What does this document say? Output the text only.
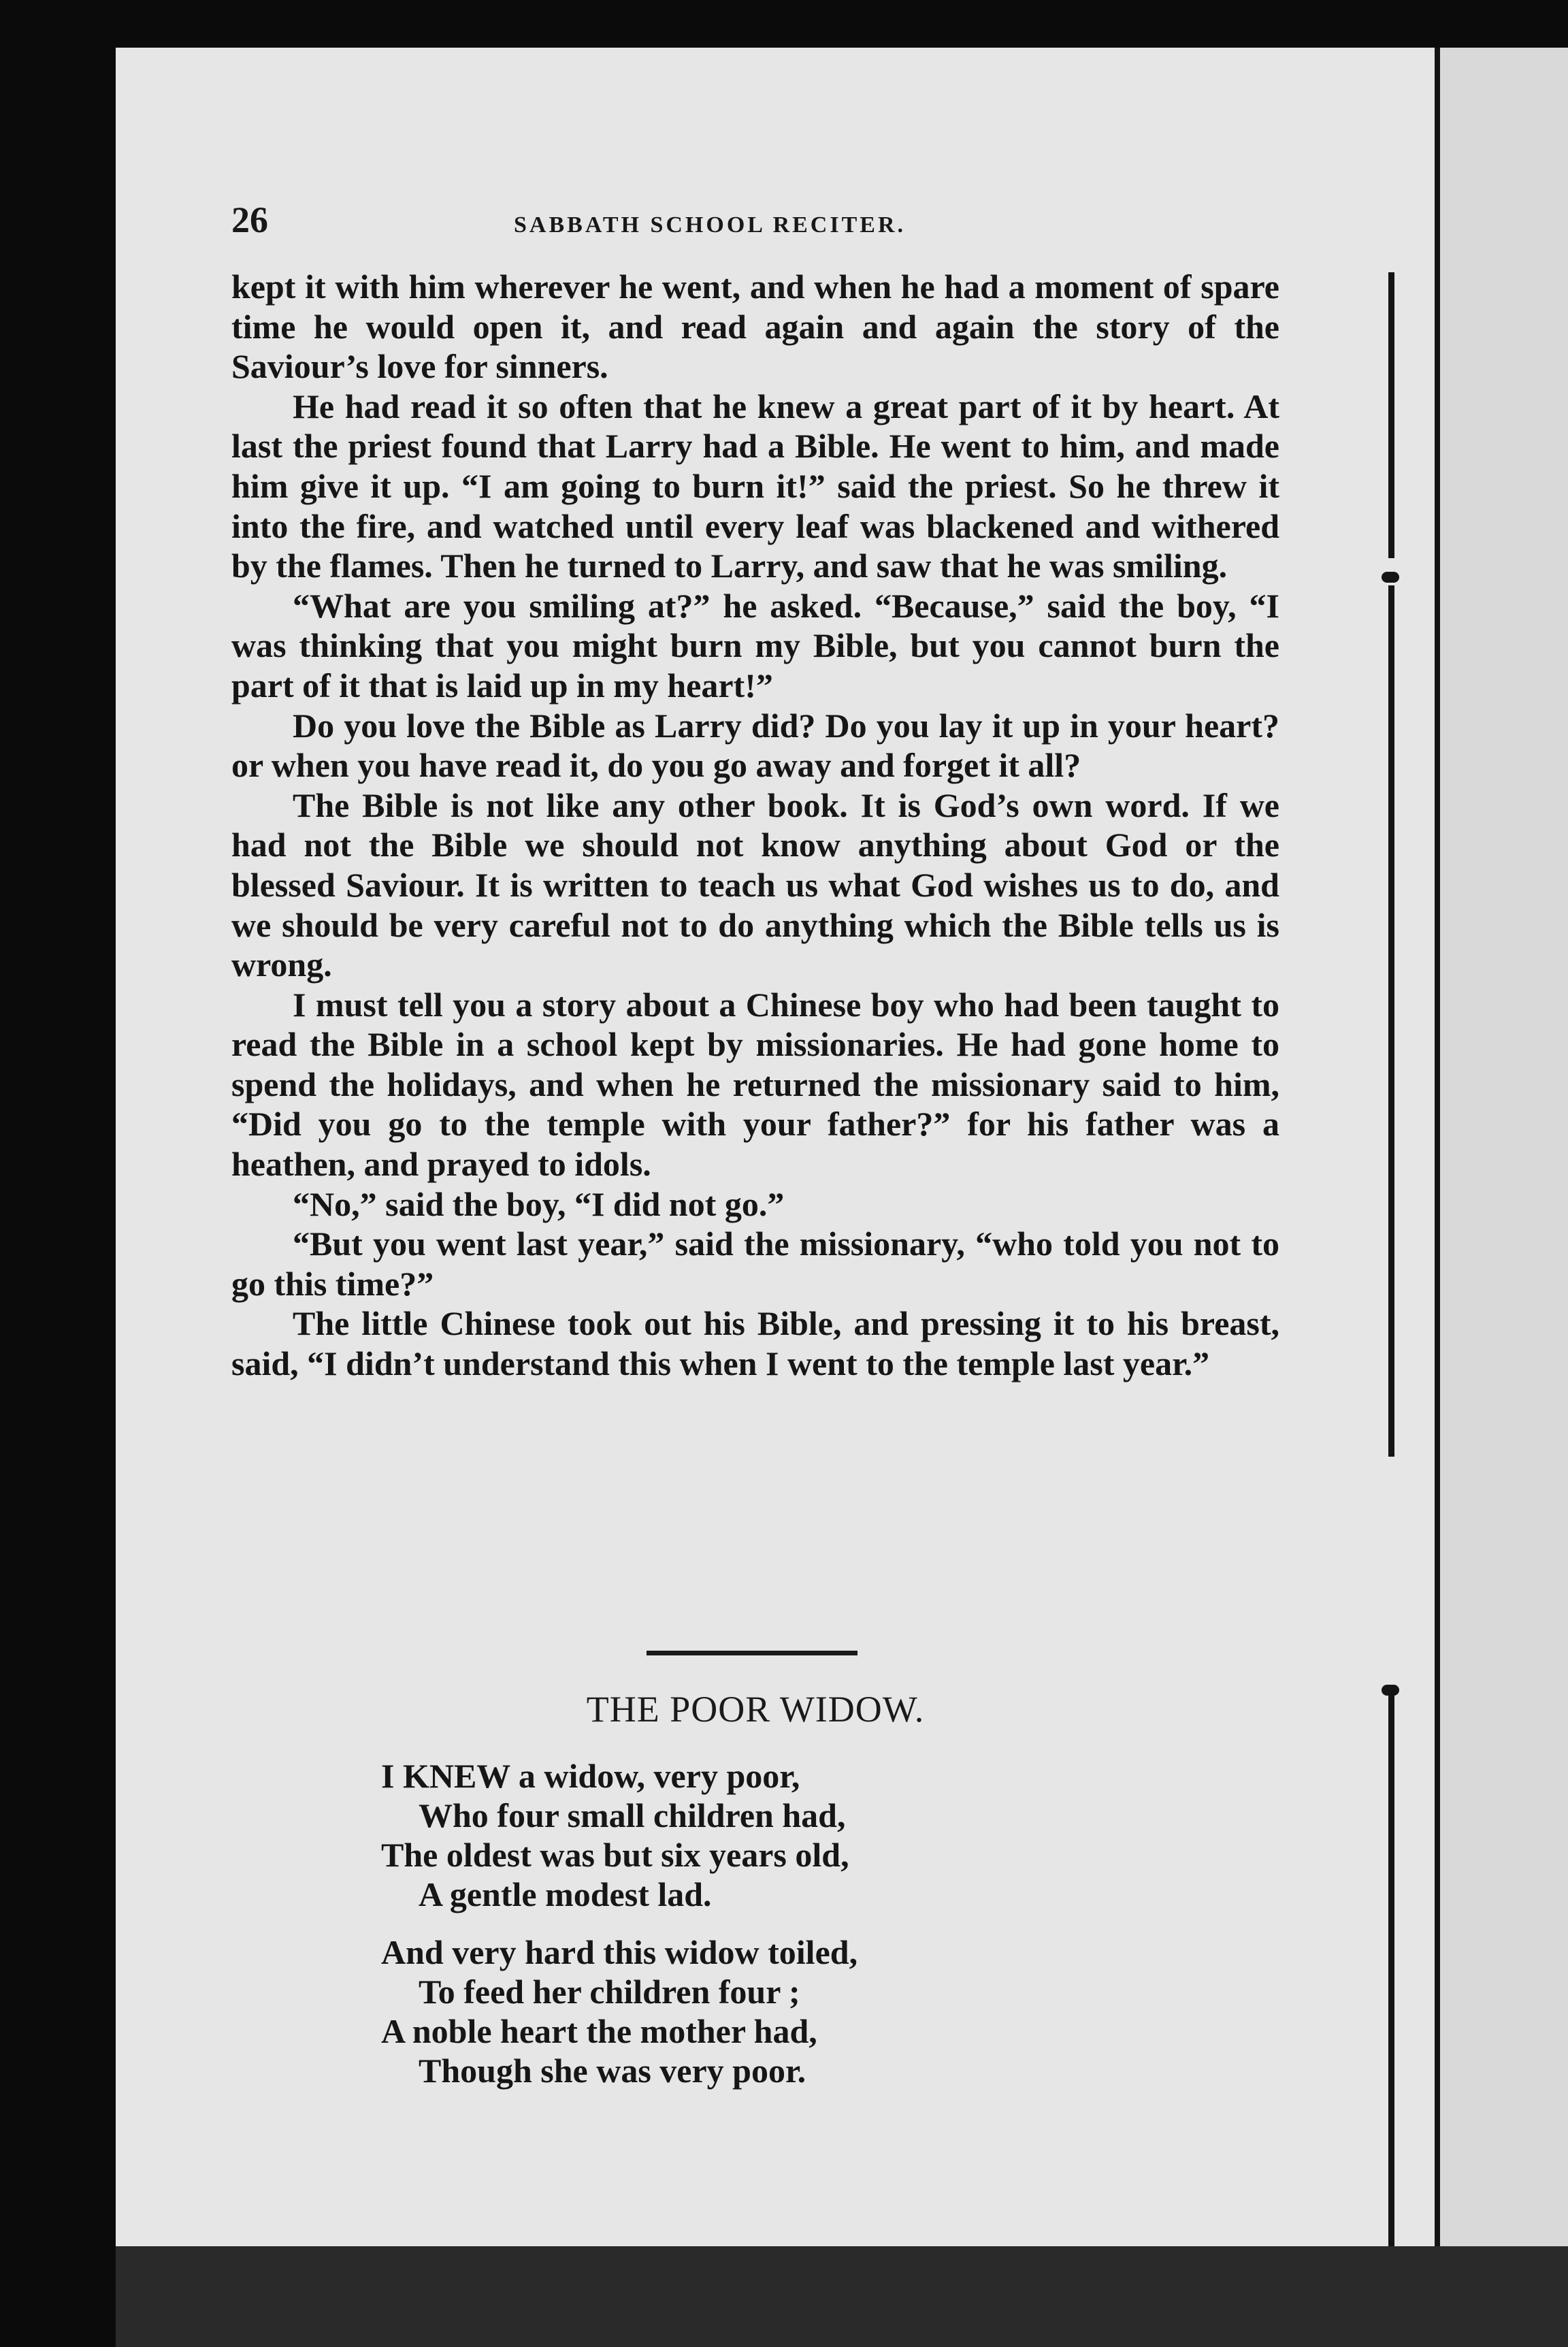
26	SABBATH SCHOOL RECITER.

kept it with him wherever he went, and when he had a moment of spare time he would open it, and read again and again the story of the Saviour’s love for sinners.

He had read it so often that he knew a great part of it by heart. At last the priest found that Larry had a Bible. He went to him, and made him give it up. “I am going to burn it!” said the priest. So he threw it into the fire, and watched until every leaf was blackened and withered by the flames. Then he turned to Larry, and saw that he was smiling.

“What are you smiling at?” he asked. “Because,” said the boy, “I was thinking that you might burn my Bible, but you cannot burn the part of it that is laid up in my heart!”

Do you love the Bible as Larry did? Do you lay it up in your heart? or when you have read it, do you go away and forget it all?

The Bible is not like any other book. It is God’s own word. If we had not the Bible we should not know anything about God or the blessed Saviour. It is written to teach us what God wishes us to do, and we should be very careful not to do anything which the Bible tells us is wrong.

I must tell you a story about a Chinese boy who had been taught to read the Bible in a school kept by missionaries. He had gone home to spend the holidays, and when he returned the missionary said to him, “Did you go to the temple with your father?” for his father was a heathen, and prayed to idols.

“No,” said the boy, “I did not go.”

“But you went last year,” said the missionary, “who told you not to go this time?”

The little Chinese took out his Bible, and pressing it to his breast, said, “I didn’t understand this when I went to the temple last year.”

THE POOR WIDOW.
I KNEW a widow, very poor,
Who four small children had,
The oldest was but six years old,
A gentle modest lad.
And very hard this widow toiled,
To feed her children four ;
A noble heart the mother had,
Though she was very poor.
